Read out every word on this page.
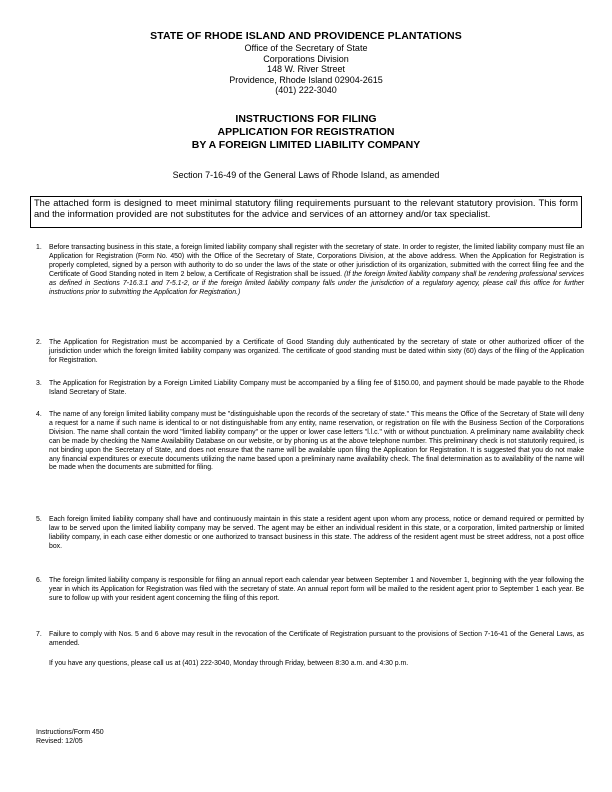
STATE OF RHODE ISLAND AND PROVIDENCE PLANTATIONS
Office of the Secretary of State
Corporations Division
148 W. River Street
Providence, Rhode Island 02904-2615
(401) 222-3040
INSTRUCTIONS FOR FILING
APPLICATION FOR REGISTRATION
BY A FOREIGN LIMITED LIABILITY COMPANY
Section 7-16-49 of the General Laws of Rhode Island, as amended
The attached form is designed to meet minimal statutory filing requirements pursuant to the relevant statutory provision. This form and the information provided are not substitutes for the advice and services of an attorney and/or tax specialist.
1.	Before transacting business in this state, a foreign limited liability company shall register with the secretary of state. In order to register, the limited liability company must file an Application for Registration (Form No. 450) with the Office of the Secretary of State, Corporations Division, at the above address. When the Application for Registration is properly completed, signed by a person with authority to do so under the laws of the state or other jurisdiction of its organization, submitted with the correct filing fee and the Certificate of Good Standing noted in Item 2 below, a Certificate of Registration shall be issued. (If the foreign limited liability company shall be rendering professional services as defined in Sections 7-16.3.1 and 7-5.1-2, or if the foreign limited liability company falls under the jurisdiction of a regulatory agency, please call this office for further instructions prior to submitting the Application for Registration.)
2.	The Application for Registration must be accompanied by a Certificate of Good Standing duly authenticated by the secretary of state or other authorized officer of the jurisdiction under which the foreign limited liability company was organized. The certificate of good standing must be dated within sixty (60) days of the filing of the Application for Registration.
3.	The Application for Registration by a Foreign Limited Liability Company must be accompanied by a filing fee of $150.00, and payment should be made payable to the Rhode Island Secretary of State.
4.	The name of any foreign limited liability company must be "distinguishable upon the records of the secretary of state." This means the Office of the Secretary of State will deny a request for a name if such name is identical to or not distinguishable from any entity, name reservation, or registration on file with the Business Section of the Corporations Division. The name shall contain the word "limited liability company" or the upper or lower case letters "l.l.c." with or without punctuation. A preliminary name availability check can be made by checking the Name Availability Database on our website, or by phoning us at the above telephone number. This preliminary check is not statutorily required, is not binding upon the Secretary of State, and does not ensure that the name will be available upon filing the Application for Registration. It is suggested that you do not make any financial expenditures or execute documents utilizing the name based upon a preliminary name availability check. The final determination as to availability of the name will be made when the documents are submitted for filing.
5.	Each foreign limited liability company shall have and continuously maintain in this state a resident agent upon whom any process, notice or demand required or permitted by law to be served upon the limited liability company may be served. The agent may be either an individual resident in this state, or a corporation, limited partnership or limited liability company, in each case either domestic or one authorized to transact business in this state. The address of the resident agent must be street address, not a post office box.
6.	The foreign limited liability company is responsible for filing an annual report each calendar year between September 1 and November 1, beginning with the year following the year in which its Application for Registration was filed with the secretary of state. An annual report form will be mailed to the resident agent prior to September 1 each year. Be sure to follow up with your resident agent concerning the filing of this report.
7.	Failure to comply with Nos. 5 and 6 above may result in the revocation of the Certificate of Registration pursuant to the provisions of Section 7-16-41 of the General Laws, as amended.
If you have any questions, please call us at (401) 222-3040, Monday through Friday, between 8:30 a.m. and 4:30 p.m.
Instructions/Form 450
Revised: 12/05
